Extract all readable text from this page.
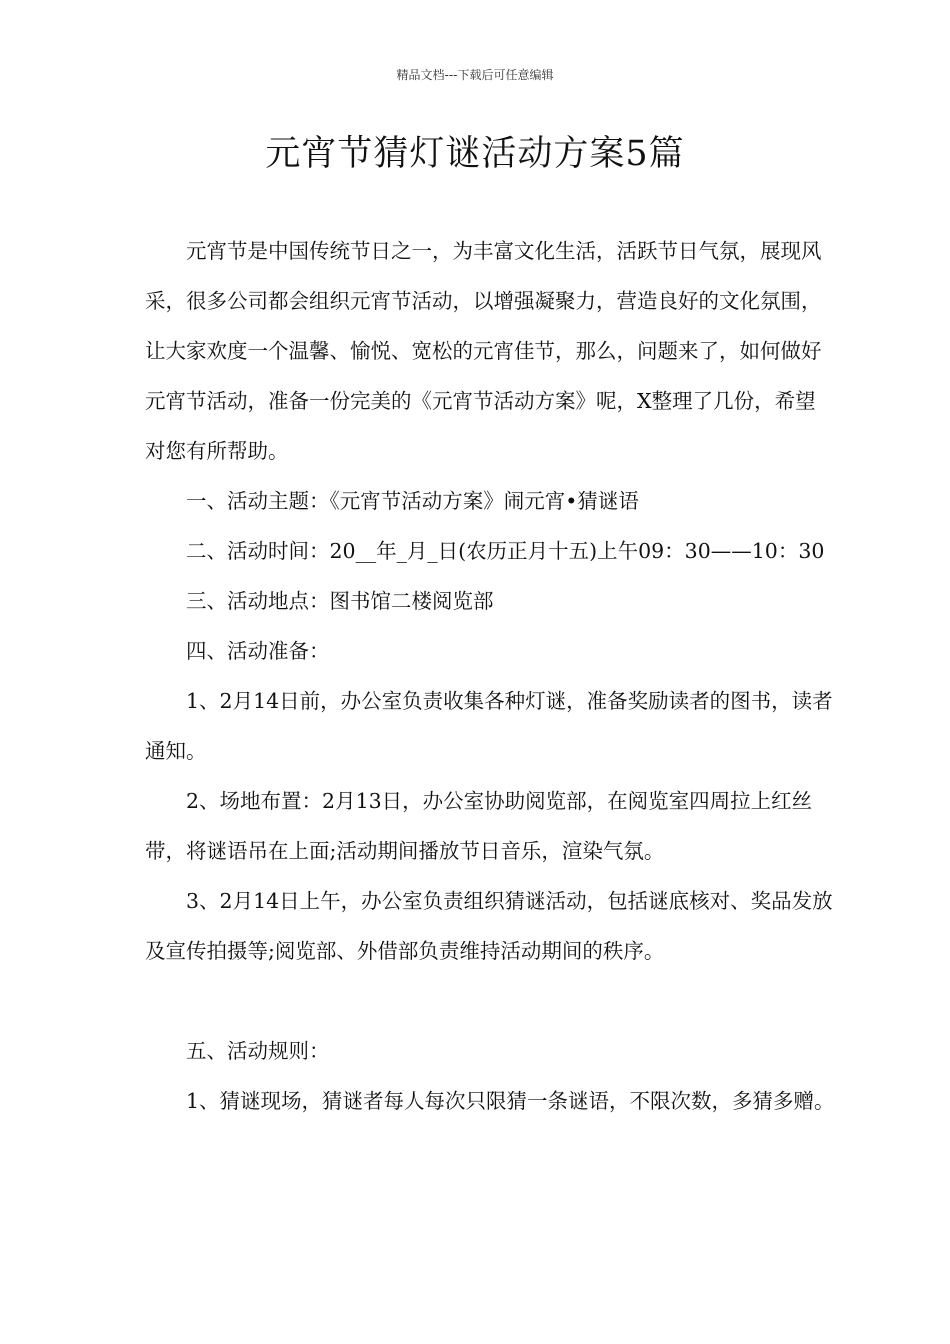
精品文档---下载后可任意编辑
元宵节猜灯谜活动方案5篇

元宵节是中国传统节日之一，为丰富文化生活，活跃节日气氛，展现风采，很多公司都会组织元宵节活动，以增强凝聚力，营造良好的文化氛围，让大家欢度一个温馨、愉悦、宽松的元宵佳节，那么，问题来了，如何做好元宵节活动，准备一份完美的《元宵节活动方案》呢，X整理了几份，希望对您有所帮助。

一、活动主题：《元宵节活动方案》闹元宵•猜谜语

二、活动时间：20__年_月_日(农历正月十五)上午09：30——10：30

三、活动地点：图书馆二楼阅览部

四、活动准备：

1、2月14日前，办公室负责收集各种灯谜，准备奖励读者的图书，读者通知。

2、场地布置：2月13日，办公室协助阅览部，在阅览室四周拉上红丝带，将谜语吊在上面;活动期间播放节日音乐，渲染气氛。

3、2月14日上午，办公室负责组织猜谜活动，包括谜底核对、奖品发放及宣传拍摄等;阅览部、外借部负责维持活动期间的秩序。

五、活动规则：

1、猜谜现场，猜谜者每人每次只限猜一条谜语，不限次数，多猜多赠。
